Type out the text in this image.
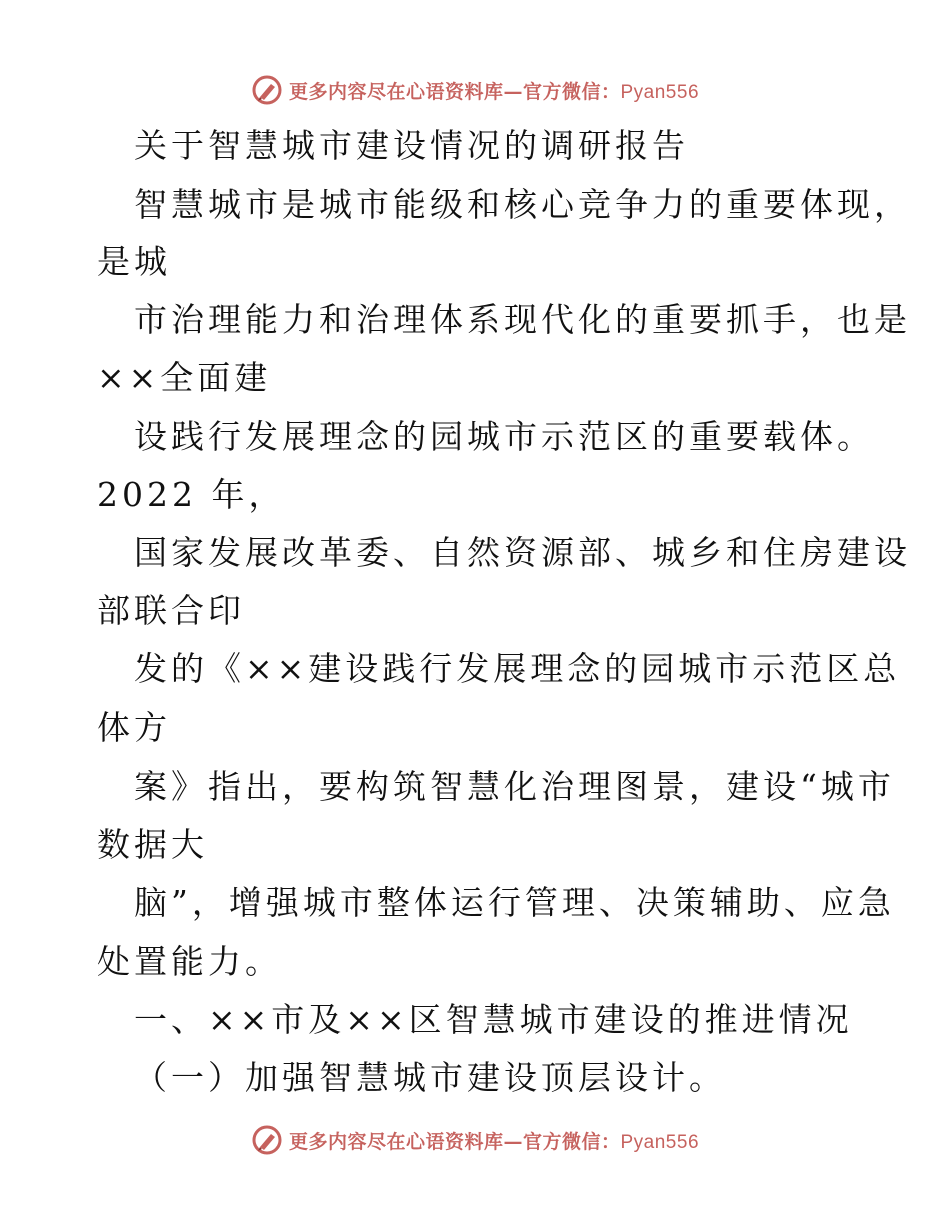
更多内容尽在心语资料库—官方微信：Pyan556
关于智慧城市建设情况的调研报告
智慧城市是城市能级和核心竞争力的重要体现，
是城
市治理能力和治理体系现代化的重要抓手，也是
××全面建
设践行发展理念的园城市示范区的重要载体。
2022 年，
国家发展改革委、自然资源部、城乡和住房建设
部联合印
发的《××建设践行发展理念的园城市示范区总
体方
案》指出，要构筑智慧化治理图景，建设“城市
数据大
脑”，增强城市整体运行管理、决策辅助、应急
处置能力。
一、××市及××区智慧城市建设的推进情况
（一）加强智慧城市建设顶层设计。
更多内容尽在心语资料库—官方微信：Pyan556
